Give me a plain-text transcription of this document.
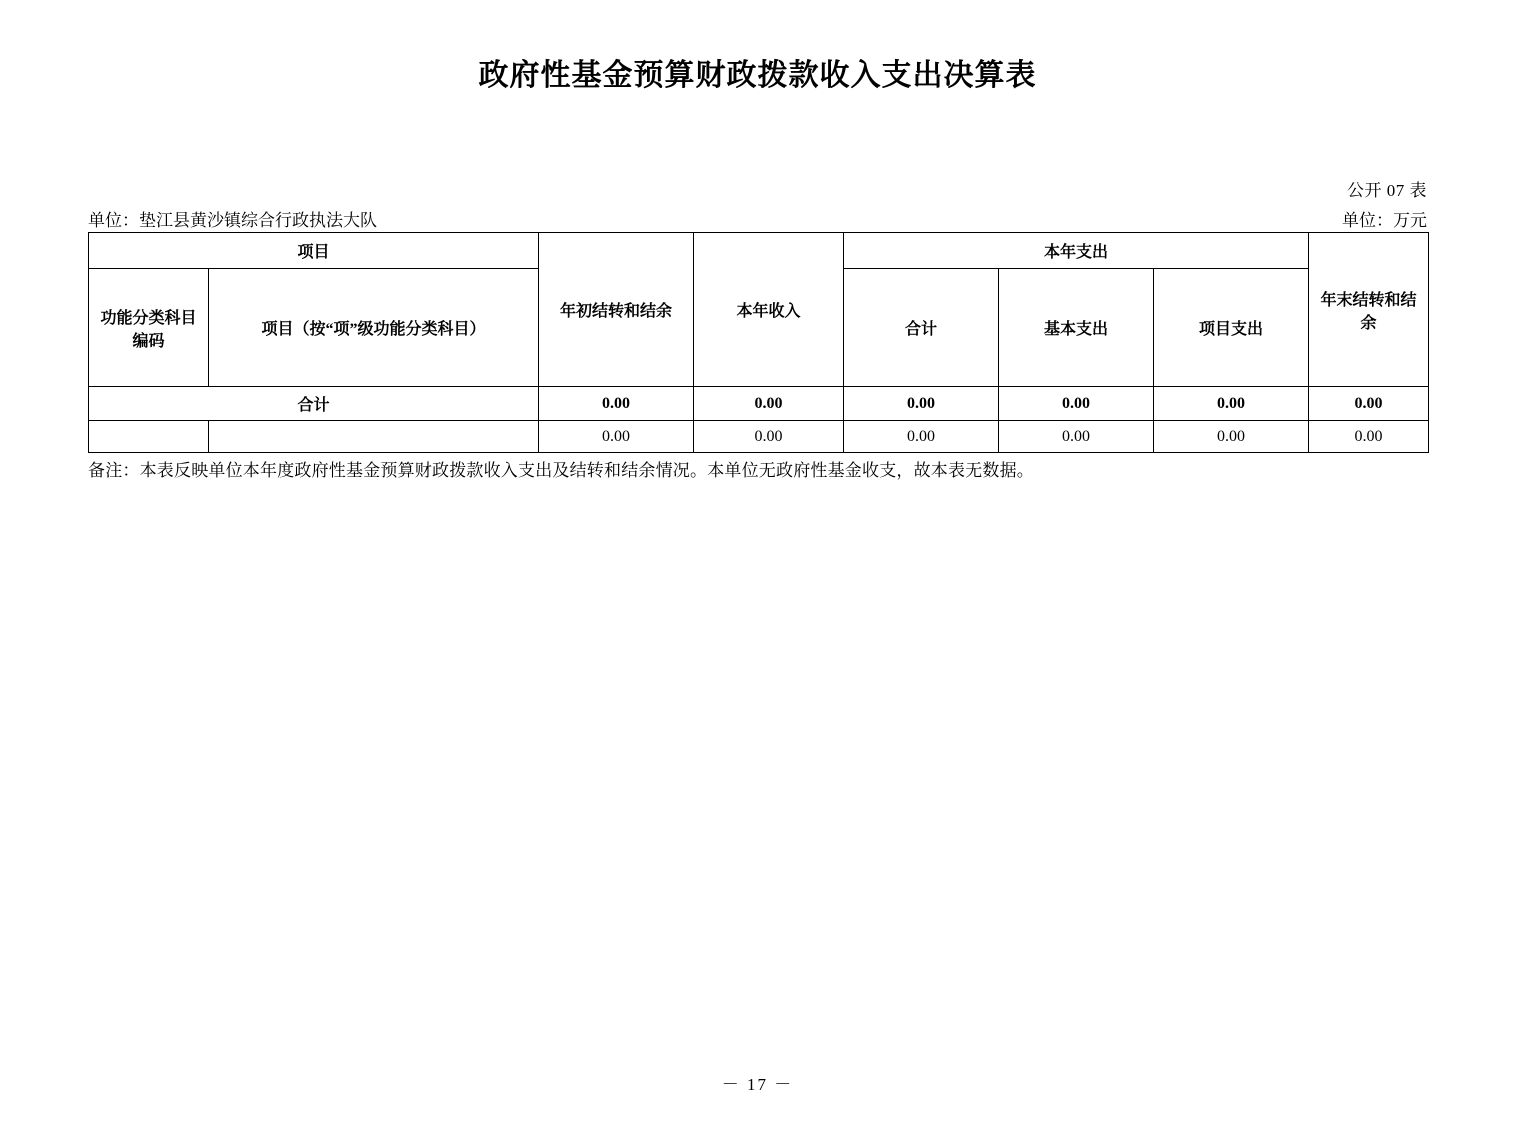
政府性基金预算财政拨款收入支出决算表
公开 07 表
单位：垫江县黄沙镇综合行政执法大队	单位：万元
项目		年初结转和结余	本年收入	本年支出			年末结转和结余
功能分类科目编码	项目（按“项”级功能分类科目）			合计	基本支出	项目支出	
合计		0.00	0.00	0.00	0.00	0.00	0.00
		0.00	0.00	0.00	0.00	0.00	0.00
备注：本表反映单位本年度政府性基金预算财政拨款收入支出及结转和结余情况。本单位无政府性基金收支，故本表无数据。
－ 17 －
